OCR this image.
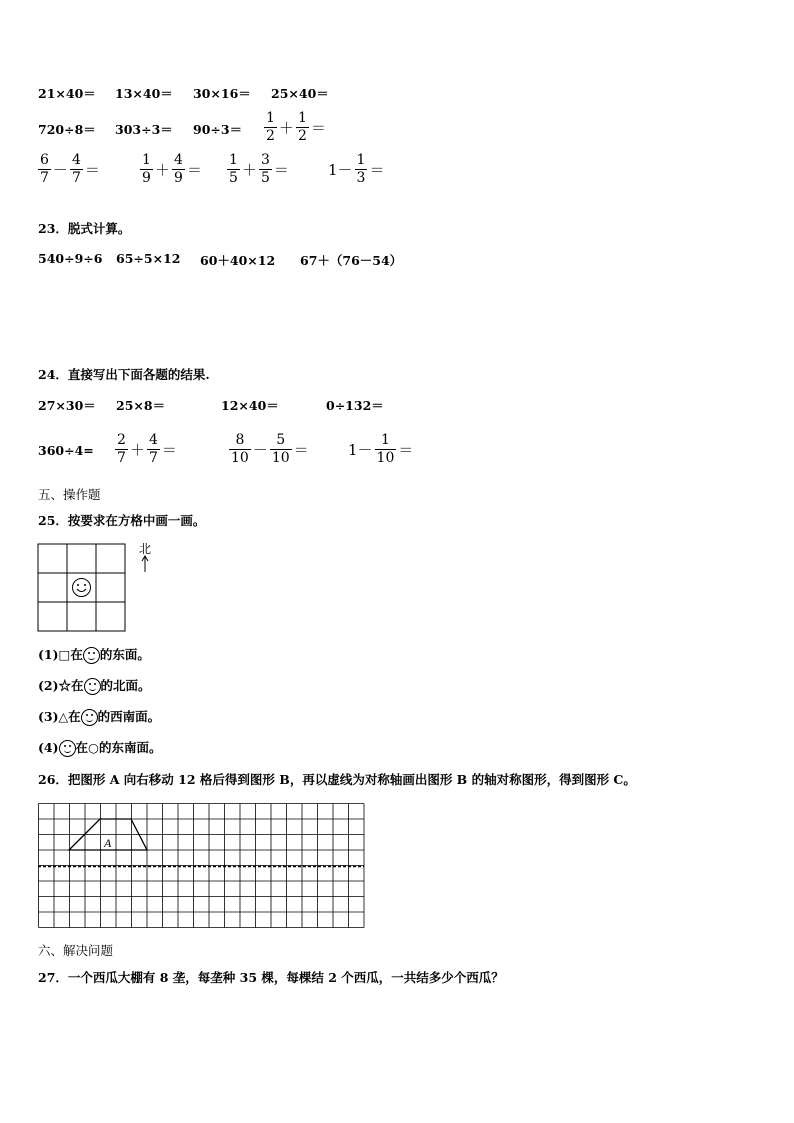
21×40＝ 13×40＝ 30×16＝ 25×40＝
$720\div 8= 303\div 3= 90\div 3= \frac{1}{2} + \frac{1}{2}$ ＝
$\frac{6}{7} - \frac{4}{7}$ ＝	$\frac{1}{9} + \frac{4}{9} = \frac{1}{5} + \frac{3}{5}$ ＝	$1- \frac{1}{3}$ ＝
23．脱式计算。
540÷9÷6 65÷5×12 60＋40×12 67＋（76－54）
24．直接写出下面各题的结果.
27×30＝ 25×8＝	12×40＝	0÷132＝
$360\div 4= \frac{2}{7} + \frac{4}{7}$ ＝	$\frac{8}{10} - \frac{5}{10}$ ＝	$1- \frac{1}{10}$ ＝
五、操作题
25．按要求在方格中画一画。
北
(1)□在 的东面。
(2)☆在 的北面。
(3)△在 的西南面。
(4) 在○的东南面。
26．把图形 A 向右移动 12 格后得到图形 B，再以虚线为对称轴画出图形 B 的轴对称图形，得到图形 C。
A
六、解决问题
27．一个西瓜大棚有 8 垄，每垄种 35 棵，每棵结 2 个西瓜，一共结多少个西瓜？
